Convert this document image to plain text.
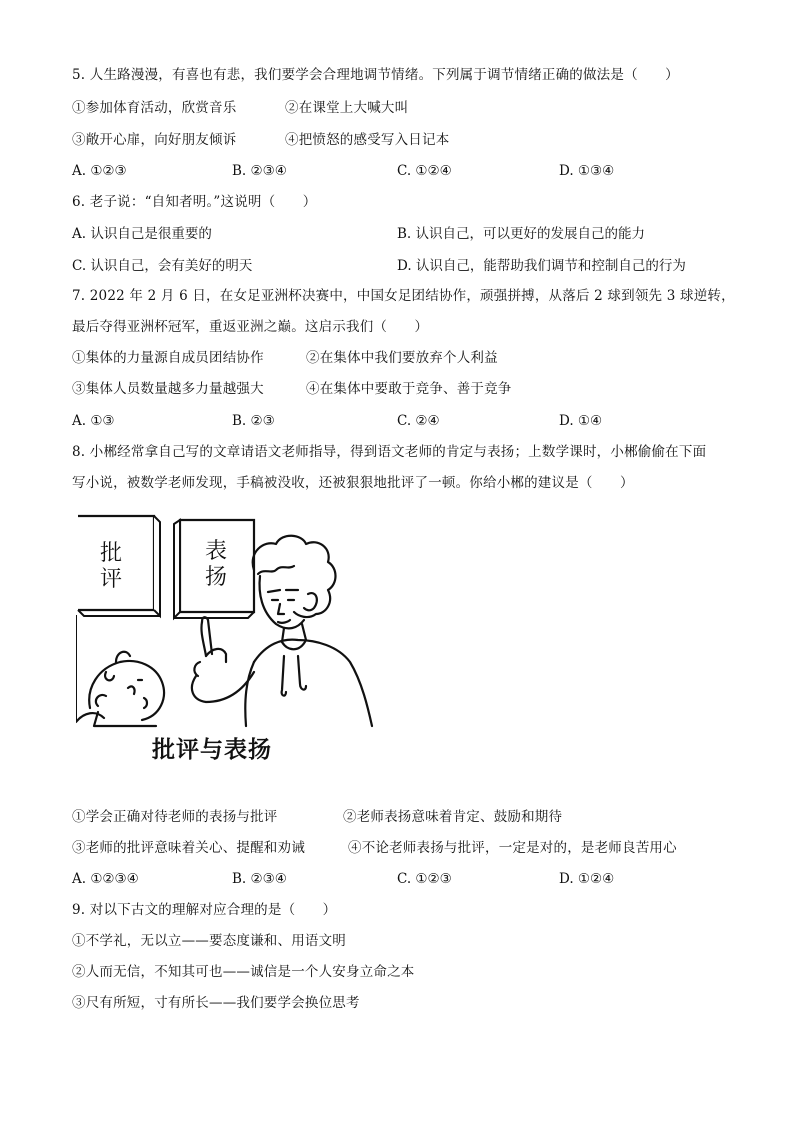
5. 人生路漫漫，有喜也有悲，我们要学会合理地调节情绪。下列属于调节情绪正确的做法是（　　）
①参加体育活动，欣赏音乐	②在课堂上大喊大叫
③敞开心扉，向好朋友倾诉	④把愤怒的感受写入日记本
A. ①②③	B. ②③④	C. ①②④	D. ①③④
6. 老子说：“自知者明。”这说明（　　）
A. 认识自己是很重要的	B. 认识自己，可以更好的发展自己的能力
C. 认识自己，会有美好的明天	D. 认识自己，能帮助我们调节和控制自己的行为
7. 2022 年 2 月 6 日，在女足亚洲杯决赛中，中国女足团结协作，顽强拼搏，从落后 2 球到领先 3 球逆转，
最后夺得亚洲杯冠军，重返亚洲之巅。这启示我们（　　）
①集体的力量源自成员团结协作	②在集体中我们要放弃个人利益
③集体人员数量越多力量越强大	④在集体中要敢于竞争、善于竞争
A. ①③	B. ②③	C. ②④	D. ①④
8. 小郴经常拿自己写的文章请语文老师指导，得到语文老师的肯定与表扬；上数学课时，小郴偷偷在下面
写小说，被数学老师发现，手稿被没收，还被狠狠地批评了一顿。你给小郴的建议是（　　）
批
评
表
扬
批评与表扬
①学会正确对待老师的表扬与批评	②老师表扬意味着肯定、鼓励和期待
③老师的批评意味着关心、提醒和劝诫	④不论老师表扬与批评，一定是对的，是老师良苦用心
A. ①②③④	B. ②③④	C. ①②③	D. ①②④
9. 对以下古文的理解对应合理的是（　　）
①不学礼，无以立——要态度谦和、用语文明
②人而无信，不知其可也——诚信是一个人安身立命之本
③尺有所短，寸有所长——我们要学会换位思考
